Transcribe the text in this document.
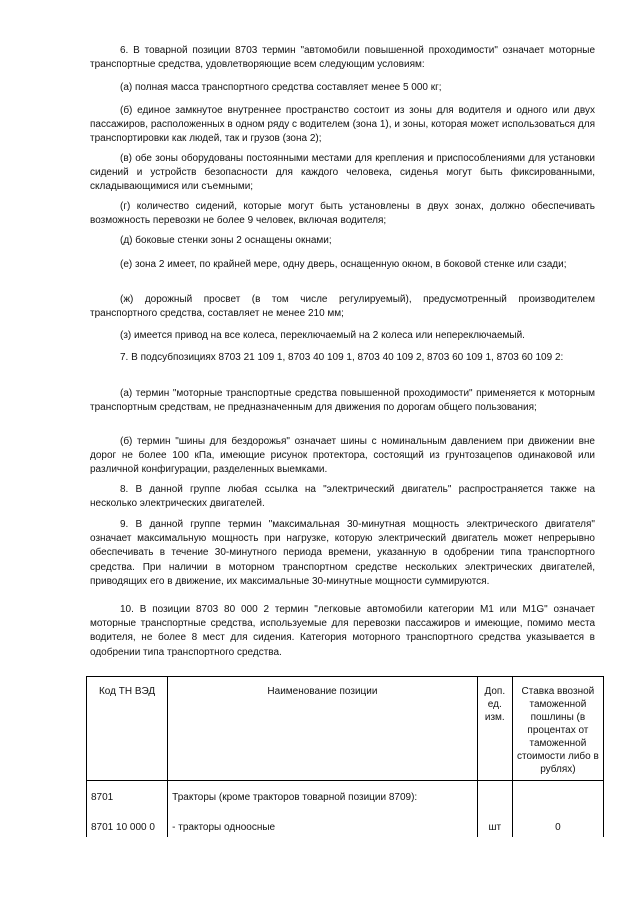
6. В товарной позиции 8703 термин "автомобили повышенной проходимости" означает моторные транспортные средства, удовлетворяющие всем следующим условиям:

(а) полная масса транспортного средства составляет менее 5 000 кг;

(б) единое замкнутое внутреннее пространство состоит из зоны для водителя и одного или двух пассажиров, расположенных в одном ряду с водителем (зона 1), и зоны, которая может использоваться для транспортировки как людей, так и грузов (зона 2);

(в) обе зоны оборудованы постоянными местами для крепления и приспособлениями для установки сидений и устройств безопасности для каждого человека, сиденья могут быть фиксированными, складывающимися или съемными;

(г) количество сидений, которые могут быть установлены в двух зонах, должно обеспечивать возможность перевозки не более 9 человек, включая водителя;

(д) боковые стенки зоны 2 оснащены окнами;

(е) зона 2 имеет, по крайней мере, одну дверь, оснащенную окном, в боковой стенке или сзади;

(ж) дорожный просвет (в том числе регулируемый), предусмотренный производителем транспортного средства, составляет не менее 210 мм;

(з) имеется привод на все колеса, переключаемый на 2 колеса или непереключаемый.

7. В подсубпозициях 8703 21 109 1, 8703 40 109 1, 8703 40 109 2, 8703 60 109 1, 8703 60 109 2:

(а) термин "моторные транспортные средства повышенной проходимости" применяется к моторным транспортным средствам, не предназначенным для движения по дорогам общего пользования;

(б) термин "шины для бездорожья" означает шины с номинальным давлением при движении вне дорог не более 100 кПа, имеющие рисунок протектора, состоящий из грунтозацепов одинаковой или различной конфигурации, разделенных выемками.

8. В данной группе любая ссылка на "электрический двигатель" распространяется также на несколько электрических двигателей.

9. В данной группе термин "максимальная 30-минутная мощность электрического двигателя" означает максимальную мощность при нагрузке, которую электрический двигатель может непрерывно обеспечивать в течение 30-минутного периода времени, указанную в одобрении типа транспортного средства. При наличии в моторном транспортном средстве нескольких электрических двигателей, приводящих его в движение, их максимальные 30-минутные мощности суммируются.

10. В позиции 8703 80 000 2 термин "легковые автомобили категории M1 или M1G" означает моторные транспортные средства, используемые для перевозки пассажиров и имеющие, помимо места водителя, не более 8 мест для сидения. Категория моторного транспортного средства указывается в одобрении типа транспортного средства.

Код ТН ВЭД	Наименование позиции	Доп. ед. изм.	Ставка ввозной таможенной пошлины (в процентах от таможенной стоимости либо в рублях)
8701	Тракторы (кроме тракторов товарной позиции 8709):		
8701 10 000 0	- тракторы одноосные	шт	0
